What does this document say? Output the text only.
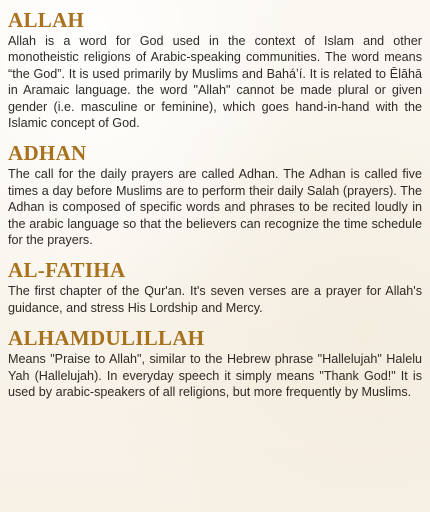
ALLAH

Allah is a word for God used in the context of Islam and other monotheistic religions of Arabic-speaking communities. The word means “the God”. It is used primarily by Muslims and Baháʼí. It is related to Ēlāhā in Aramaic language. the word "Allah" cannot be made plural or given gender (i.e. masculine or feminine), which goes hand-in-hand with the Islamic concept of God.

ADHAN

The call for the daily prayers are called Adhan. The Adhan is called five times a day before Muslims are to perform their daily Salah (prayers). The Adhan is composed of specific words and phrases to be recited loudly in the arabic language so that the believers can recognize the time schedule for the prayers.

AL-FATIHA

The first chapter of the Qur'an. It's seven verses are a prayer for Allah's guidance, and stress His Lordship and Mercy.

ALHAMDULILLAH

Means "Praise to Allah", similar to the Hebrew phrase "Hallelujah" Halelu Yah (Hallelujah). In everyday speech it simply means "Thank God!" It is used by arabic-speakers of all religions, but more frequently by Muslims.
